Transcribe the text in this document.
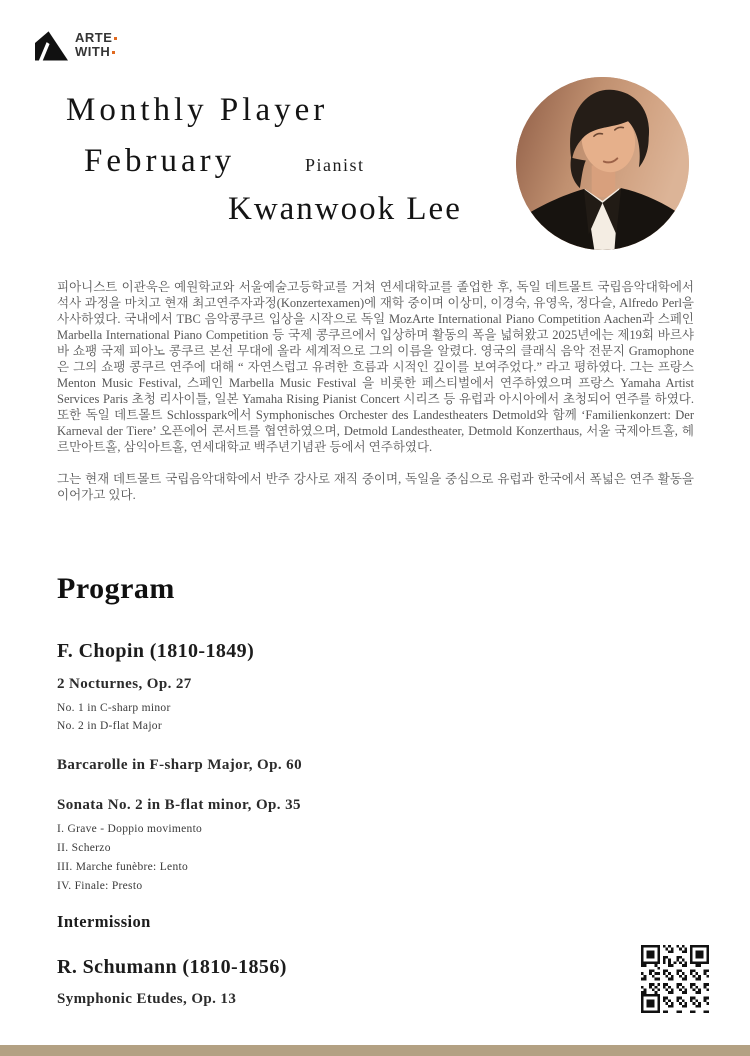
ARTE
WITH
Monthly Player
February	Pianist
Kwanwook Lee

피아니스트 이관욱은 예원학교와 서울예술고등학교를 거쳐 연세대학교를 졸업한 후, 독일 데트몰트 국립음악대학에서 석사 과정을 마치고 현재 최고연주자과정(Konzertexamen)에 재학 중이며 이상미, 이경숙, 유영욱, 정다슬, Alfredo Perl을 사사하였다. 국내에서 TBC 음악콩쿠르 입상을 시작으로 독일 MozArte International Piano Competition Aachen과 스페인 Marbella International Piano Competition 등 국제 콩쿠르에서 입상하며 활동의 폭을 넓혀왔고 2025년에는 제19회 바르샤바 쇼팽 국제 피아노 콩쿠르 본선 무대에 올라 세계적으로 그의 이름을 알렸다. 영국의 클래식 음악 전문지 Gramophone은 그의 쇼팽 콩쿠르 연주에 대해 “ 자연스럽고 유려한 흐름과 시적인 깊이를 보여주었다.” 라고 평하였다. 그는 프랑스 Menton Music Festival, 스페인 Marbella Music Festival 을 비롯한 페스티벌에서 연주하였으며 프랑스 Yamaha Artist Services Paris 초청 리사이틀, 일본 Yamaha Rising Pianist Concert 시리즈 등 유럽과 아시아에서 초청되어 연주를 하였다. 또한 독일 데트몰트 Schlosspark에서 Symphonisches Orchester des Landestheaters Detmold와 함께 ‘Familienkonzert: Der Karneval der Tiere’ 오픈에어 콘서트를 협연하였으며, Detmold Landestheater, Detmold Konzerthaus, 서울 국제아트홀, 헤르만아트홀, 삼익아트홀, 연세대학교 백주년기념관 등에서 연주하였다.

그는 현재 데트몰트 국립음악대학에서 반주 강사로 재직 중이며, 독일을 중심으로 유럽과 한국에서 폭넓은 연주 활동을 이어가고 있다.

Program
F. Chopin (1810-1849)
2 Nocturnes, Op. 27
No. 1 in C-sharp minor
No. 2 in D-flat Major
Barcarolle in F-sharp Major, Op. 60
Sonata No. 2 in B-flat minor, Op. 35
I. Grave - Doppio movimento
II. Scherzo
III. Marche funèbre: Lento
IV. Finale: Presto
Intermission
R. Schumann (1810-1856)
Symphonic Etudes, Op. 13
